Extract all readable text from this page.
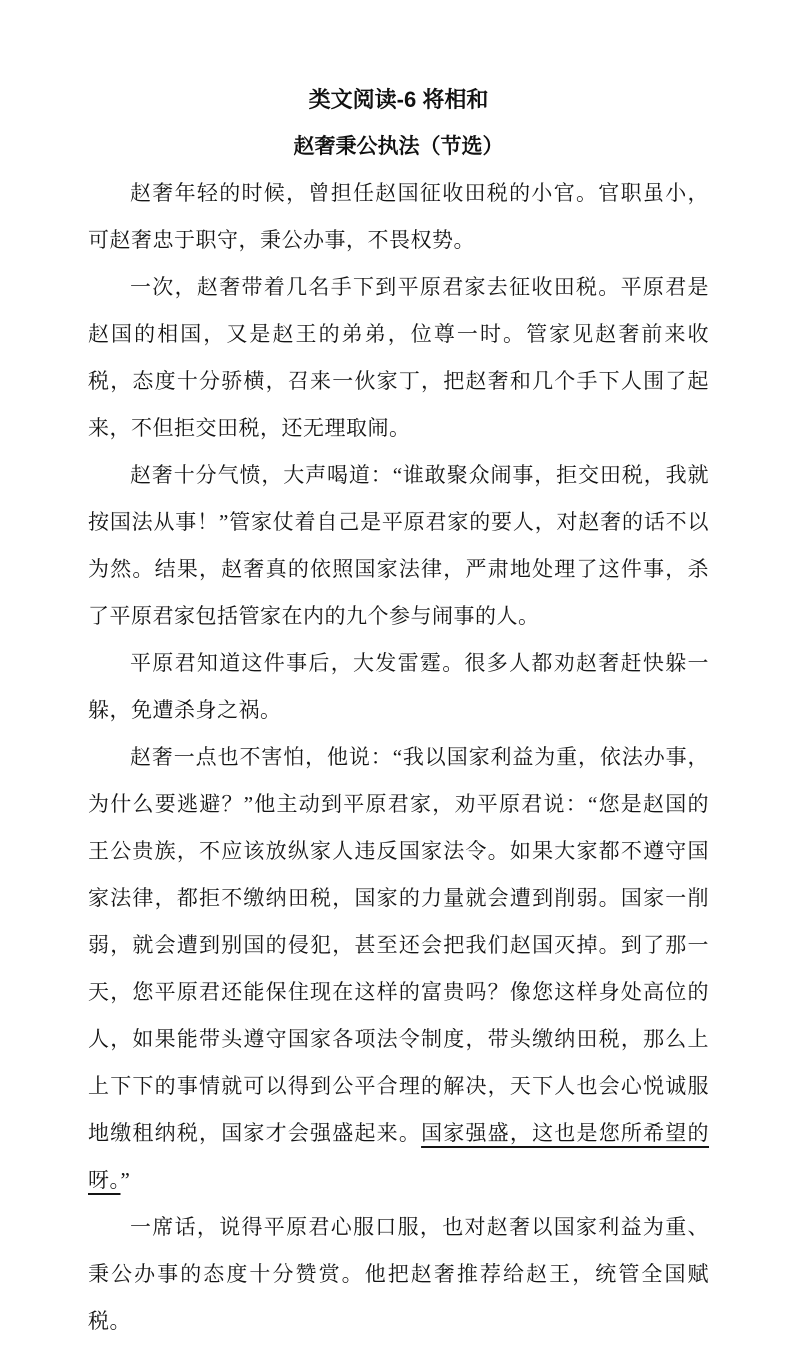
类文阅读-6 将相和
赵奢秉公执法（节选）

赵奢年轻的时候，曾担任赵国征收田税的小官。官职虽小，可赵奢忠于职守，秉公办事，不畏权势。

一次，赵奢带着几名手下到平原君家去征收田税。平原君是赵国的相国，又是赵王的弟弟，位尊一时。管家见赵奢前来收税，态度十分骄横，召来一伙家丁，把赵奢和几个手下人围了起来，不但拒交田税，还无理取闹。

赵奢十分气愤，大声喝道：“谁敢聚众闹事，拒交田税，我就按国法从事！”管家仗着自己是平原君家的要人，对赵奢的话不以为然。结果，赵奢真的依照国家法律，严肃地处理了这件事，杀了平原君家包括管家在内的九个参与闹事的人。

平原君知道这件事后，大发雷霆。很多人都劝赵奢赶快躲一躲，免遭杀身之祸。

赵奢一点也不害怕，他说：“我以国家利益为重，依法办事，为什么要逃避？”他主动到平原君家，劝平原君说：“您是赵国的王公贵族，不应该放纵家人违反国家法令。如果大家都不遵守国家法律，都拒不缴纳田税，国家的力量就会遭到削弱。国家一削弱，就会遭到别国的侵犯，甚至还会把我们赵国灭掉。到了那一天，您平原君还能保住现在这样的富贵吗？像您这样身处高位的人，如果能带头遵守国家各项法令制度，带头缴纳田税，那么上上下下的事情就可以得到公平合理的解决，天下人也会心悦诚服地缴租纳税，国家才会强盛起来。国家强盛，这也是您所希望的呀。”

一席话，说得平原君心服口服，也对赵奢以国家利益为重、秉公办事的态度十分赞赏。他把赵奢推荐给赵王，统管全国赋税。
